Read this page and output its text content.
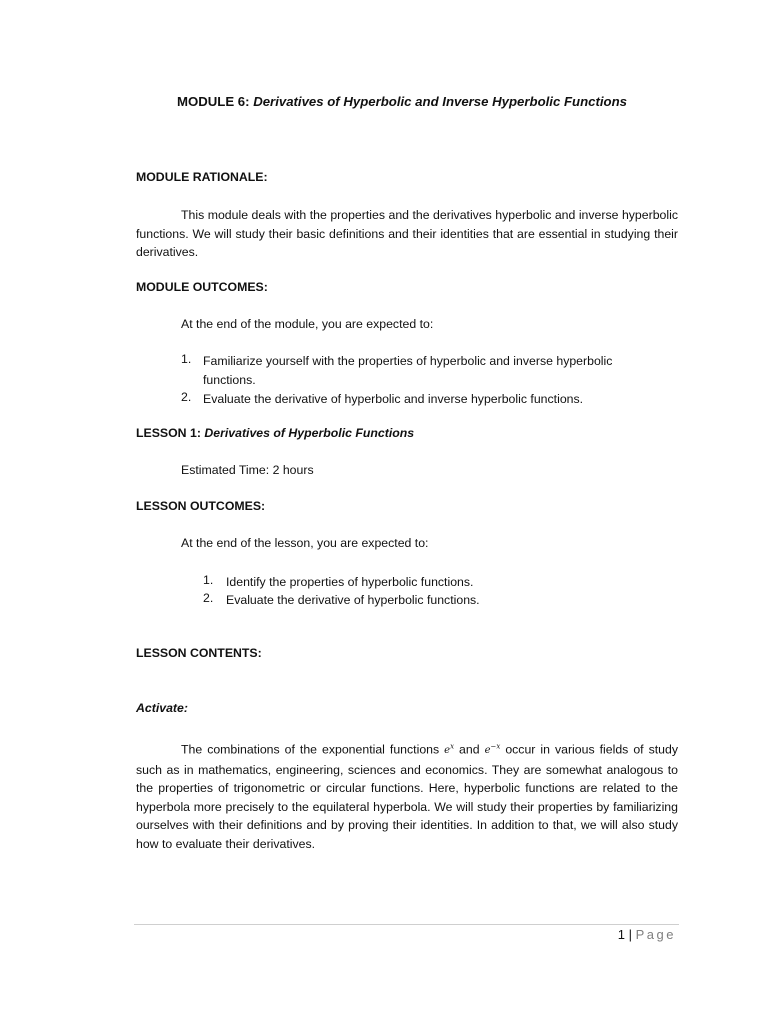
MODULE 6: Derivatives of Hyperbolic and Inverse Hyperbolic Functions
MODULE RATIONALE:
This module deals with the properties and the derivatives hyperbolic and inverse hyperbolic functions. We will study their basic definitions and their identities that are essential in studying their derivatives.
MODULE OUTCOMES:
At the end of the module, you are expected to:
1. Familiarize yourself with the properties of hyperbolic and inverse hyperbolic
functions.
2. Evaluate the derivative of hyperbolic and inverse hyperbolic functions.
LESSON 1: Derivatives of Hyperbolic Functions
Estimated Time: 2 hours
LESSON OUTCOMES:
At the end of the lesson, you are expected to:
1. Identify the properties of hyperbolic functions.
2. Evaluate the derivative of hyperbolic functions.
LESSON CONTENTS:
Activate:
The combinations of the exponential functions $e^x$ and $e^{-x}$ occur in various fields of study such as in mathematics, engineering, sciences and economics. They are somewhat analogous to the properties of trigonometric or circular functions. Here, hyperbolic functions are related to the hyperbola more precisely to the equilateral hyperbola. We will study their properties by familiarizing ourselves with their definitions and by proving their identities. In addition to that, we will also study how to evaluate their derivatives.
1 | Page
